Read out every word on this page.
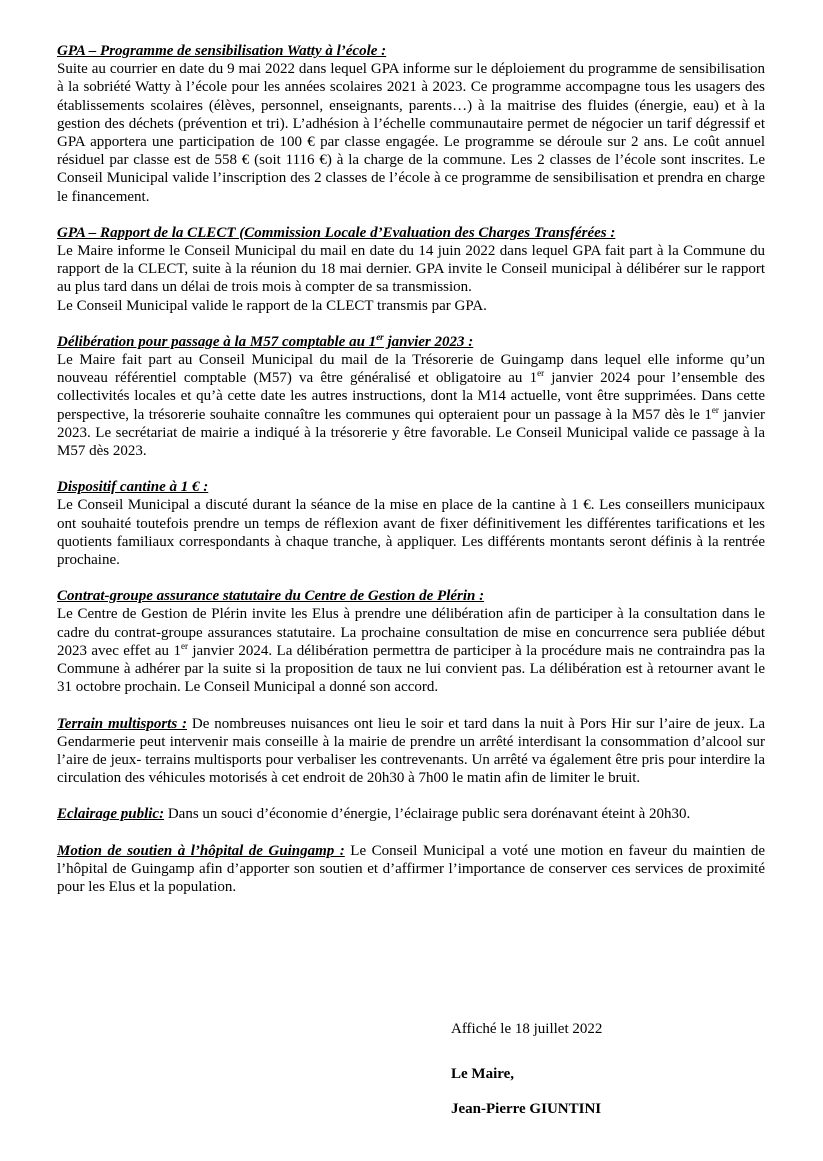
GPA – Programme de sensibilisation Watty à l’école :

Suite au courrier en date du 9 mai 2022 dans lequel GPA informe sur le déploiement du programme de sensibilisation à la sobriété Watty à l’école pour les années scolaires 2021 à 2023. Ce programme accompagne tous les usagers des établissements scolaires (élèves, personnel, enseignants, parents…) à la maitrise des fluides (énergie, eau) et à la gestion des déchets (prévention et tri). L’adhésion à l’échelle communautaire permet de négocier un tarif dégressif et GPA apportera une participation de 100 € par classe engagée. Le programme se déroule sur 2 ans. Le coût annuel résiduel par classe est de 558 € (soit 1116 €) à la charge de la commune. Les 2 classes de l’école sont inscrites. Le Conseil Municipal valide l’inscription des 2 classes de l’école à ce programme de sensibilisation et prendra en charge le financement.

GPA – Rapport de la CLECT (Commission Locale d’Evaluation des Charges Transférées :

Le Maire informe le Conseil Municipal du mail en date du 14 juin 2022 dans lequel GPA fait part à la Commune du rapport de la CLECT, suite à la réunion du 18 mai dernier. GPA invite le Conseil municipal à délibérer sur le rapport au plus tard dans un délai de trois mois à compter de sa transmission.

Le Conseil Municipal valide le rapport de la CLECT transmis par GPA.

Délibération pour passage à la M57 comptable au 1er janvier 2023 :

Le Maire fait part au Conseil Municipal du mail de la Trésorerie de Guingamp dans lequel elle informe qu’un nouveau référentiel comptable (M57) va être généralisé et obligatoire au 1er janvier 2024 pour l’ensemble des collectivités locales et qu’à cette date les autres instructions, dont la M14 actuelle, vont être supprimées. Dans cette perspective, la trésorerie souhaite connaître les communes qui opteraient pour un passage à la M57 dès le 1er janvier 2023. Le secrétariat de mairie a indiqué à la trésorerie y être favorable. Le Conseil Municipal valide ce passage à la M57 dès 2023.

Dispositif cantine à 1 € :

Le Conseil Municipal a discuté durant la séance de la mise en place de la cantine à 1 €. Les conseillers municipaux ont souhaité toutefois prendre un temps de réflexion avant de fixer définitivement les différentes tarifications et les quotients familiaux correspondants à chaque tranche, à appliquer. Les différents montants seront définis à la rentrée prochaine.

Contrat-groupe assurance statutaire du Centre de Gestion de Plérin :

Le Centre de Gestion de Plérin invite les Elus à prendre une délibération afin de participer à la consultation dans le cadre du contrat-groupe assurances statutaire. La prochaine consultation de mise en concurrence sera publiée début 2023 avec effet au 1er janvier 2024. La délibération permettra de participer à la procédure mais ne contraindra pas la Commune à adhérer par la suite si la proposition de taux ne lui convient pas. La délibération est à retourner avant le 31 octobre prochain. Le Conseil Municipal a donné son accord.

Terrain multisports : De nombreuses nuisances ont lieu le soir et tard dans la nuit à Pors Hir sur l’aire de jeux. La Gendarmerie peut intervenir mais conseille à la mairie de prendre un arrêté interdisant la consommation d’alcool sur l’aire de jeux- terrains multisports pour verbaliser les contrevenants. Un arrêté va également être pris pour interdire la circulation des véhicules motorisés à cet endroit de 20h30 à 7h00 le matin afin de limiter le bruit.

Eclairage public: Dans un souci d’économie d’énergie, l’éclairage public sera dorénavant éteint à 20h30.

Motion de soutien à l’hôpital de Guingamp : Le Conseil Municipal a voté une motion en faveur du maintien de l’hôpital de Guingamp afin d’apporter son soutien et d’affirmer l’importance de conserver ces services de proximité pour les Elus et la population.

Affiché le 18 juillet 2022
Le Maire,
Jean-Pierre GIUNTINI
